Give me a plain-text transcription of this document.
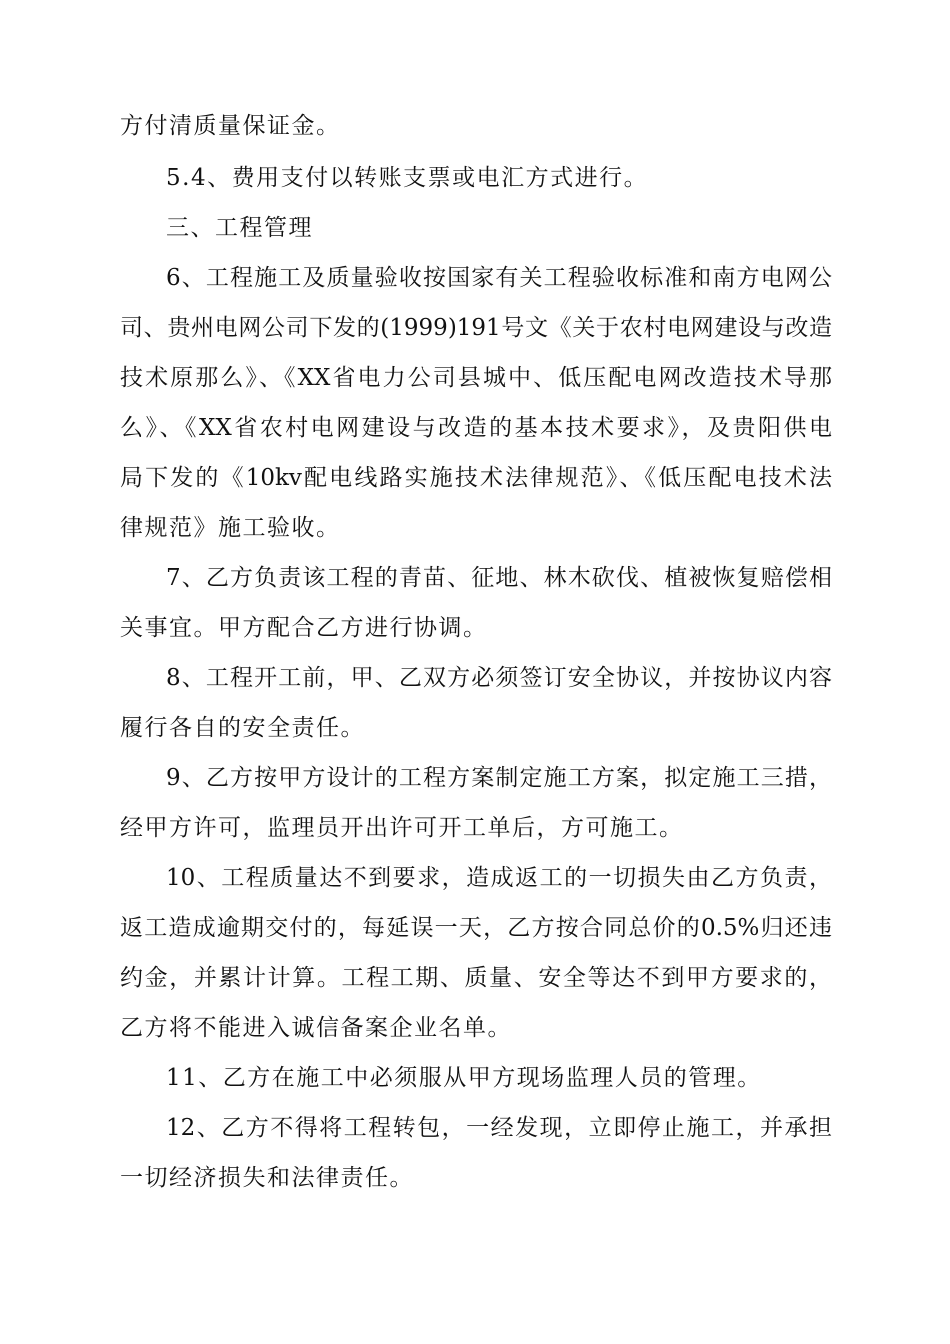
方付清质量保证金。
5.4、费用支付以转账支票或电汇方式进行。
三、工程管理
6、工程施工及质量验收按国家有关工程验收标准和南方电网公
司、贵州电网公司下发的(1999)191号文《关于农村电网建设与改造
技术原那么》、《XX省电力公司县城中、低压配电网改造技术导那
么》、《XX省农村电网建设与改造的基本技术要求》，及贵阳供电
局下发的《10kv配电线路实施技术法律规范》、《低压配电技术法
律规范》施工验收。
7、乙方负责该工程的青苗、征地、林木砍伐、植被恢复赔偿相
关事宜。甲方配合乙方进行协调。
8、工程开工前，甲、乙双方必须签订安全协议，并按协议内容
履行各自的安全责任。
9、乙方按甲方设计的工程方案制定施工方案，拟定施工三措，
经甲方许可，监理员开出许可开工单后，方可施工。
10、工程质量达不到要求，造成返工的一切损失由乙方负责，
返工造成逾期交付的，每延误一天，乙方按合同总价的0.5%归还违
约金，并累计计算。工程工期、质量、安全等达不到甲方要求的，
乙方将不能进入诚信备案企业名单。
11、乙方在施工中必须服从甲方现场监理人员的管理。
12、乙方不得将工程转包，一经发现，立即停止施工，并承担
一切经济损失和法律责任。
